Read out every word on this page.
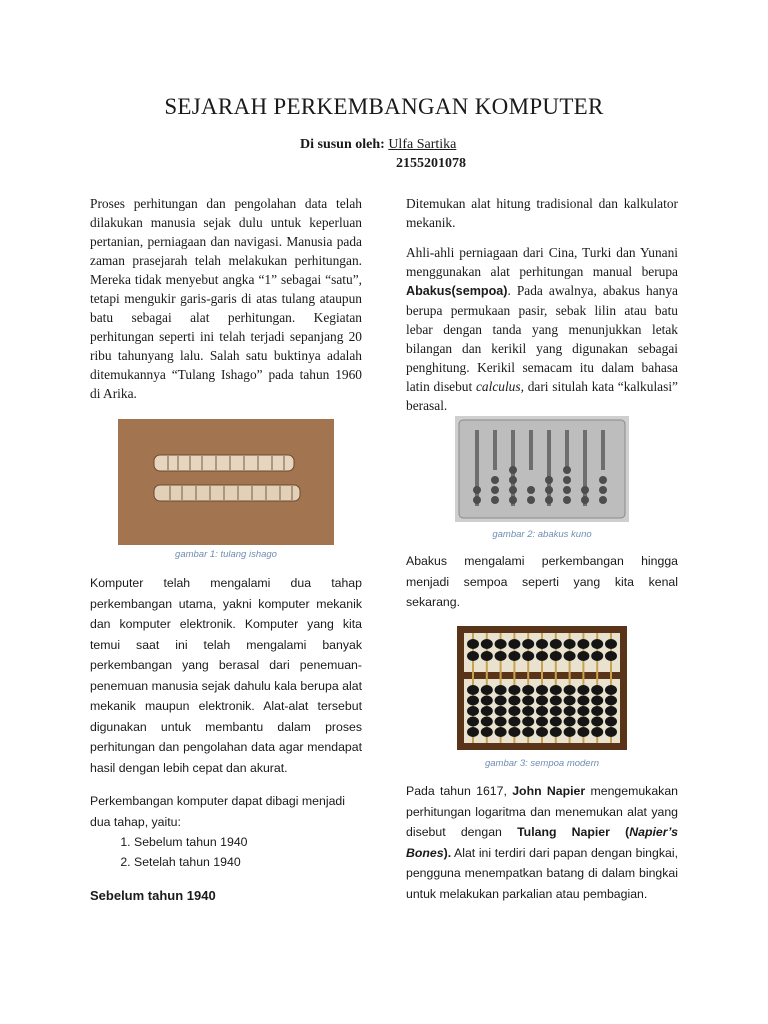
SEJARAH PERKEMBANGAN KOMPUTER
Di susun oleh: Ulfa Sartika
2155201078

Proses perhitungan dan pengolahan data telah dilakukan manusia sejak dulu untuk keperluan pertanian, perniagaan dan navigasi. Manusia pada zaman prasejarah telah melakukan perhitungan. Mereka tidak menyebut angka “1” sebagai “satu”, tetapi mengukir garis-garis di atas tulang ataupun batu sebagai alat perhitungan. Kegiatan perhitungan seperti ini telah terjadi sepanjang 20 ribu tahunyang lalu. Salah satu buktinya adalah ditemukannya “Tulang Ishago” pada tahun 1960 di Arika.

gambar 1: tulang ishago

Komputer telah mengalami dua tahap perkembangan utama, yakni komputer mekanik dan komputer elektronik. Komputer yang kita temui saat ini telah mengalami banyak perkembangan yang berasal dari penemuan-penemuan manusia sejak dahulu kala berupa alat mekanik maupun elektronik. Alat-alat tersebut digunakan untuk membantu dalam proses perhitungan dan pengolahan data agar mendapat hasil dengan lebih cepat dan akurat.

Perkembangan komputer dapat dibagi menjadi dua tahap, yaitu:

1. Sebelum tahun 1940
2. Setelah tahun 1940
Sebelum tahun 1940

Ditemukan alat hitung tradisional dan kalkulator mekanik.

Ahli-ahli perniagaan dari Cina, Turki dan Yunani menggunakan alat perhitungan manual berupa Abakus(sempoa). Pada awalnya, abakus hanya berupa permukaan pasir, sebak lilin atau batu lebar dengan tanda yang menunjukkan letak bilangan dan kerikil yang digunakan sebagai penghitung. Kerikil semacam itu dalam bahasa latin disebut calculus, dari situlah kata “kalkulasi” berasal.

gambar 2: abakus kuno

Abakus mengalami perkembangan hingga menjadi sempoa seperti yang kita kenal sekarang.

gambar 3: sempoa modern

Pada tahun 1617, John Napier mengemukakan perhitungan logaritma dan menemukan alat yang disebut dengan Tulang Napier (Napier’s Bones). Alat ini terdiri dari papan dengan bingkai, pengguna menempatkan batang di dalam bingkai untuk melakukan parkalian atau pembagian.
